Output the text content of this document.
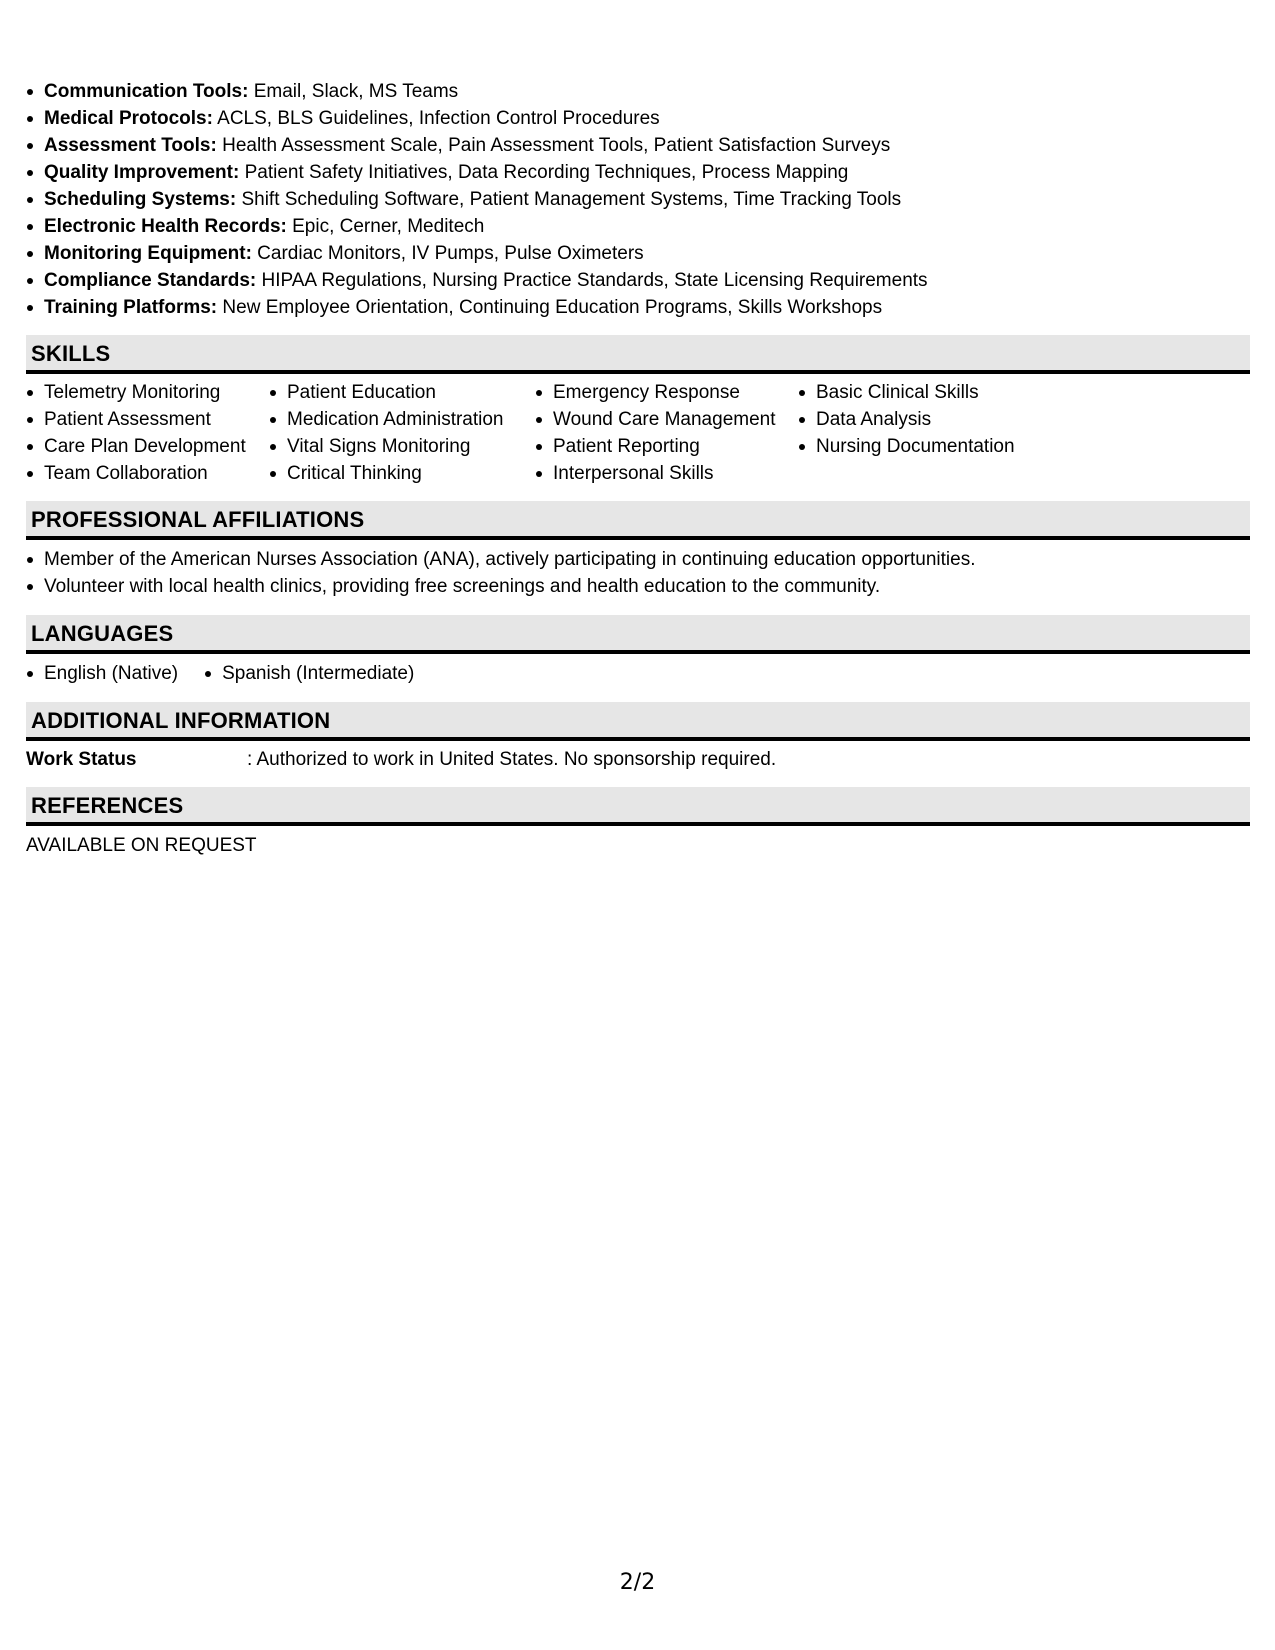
Communication Tools: Email, Slack, MS Teams
Medical Protocols: ACLS, BLS Guidelines, Infection Control Procedures
Assessment Tools: Health Assessment Scale, Pain Assessment Tools, Patient Satisfaction Surveys
Quality Improvement: Patient Safety Initiatives, Data Recording Techniques, Process Mapping
Scheduling Systems: Shift Scheduling Software, Patient Management Systems, Time Tracking Tools
Electronic Health Records: Epic, Cerner, Meditech
Monitoring Equipment: Cardiac Monitors, IV Pumps, Pulse Oximeters
Compliance Standards: HIPAA Regulations, Nursing Practice Standards, State Licensing Requirements
Training Platforms: New Employee Orientation, Continuing Education Programs, Skills Workshops
SKILLS
Telemetry Monitoring
Patient Assessment
Care Plan Development
Team Collaboration
Patient Education
Medication Administration
Vital Signs Monitoring
Critical Thinking
Emergency Response
Wound Care Management
Patient Reporting
Interpersonal Skills
Basic Clinical Skills
Data Analysis
Nursing Documentation
PROFESSIONAL AFFILIATIONS
Member of the American Nurses Association (ANA), actively participating in continuing education opportunities.
Volunteer with local health clinics, providing free screenings and health education to the community.
LANGUAGES
English (Native) Spanish (Intermediate)
ADDITIONAL INFORMATION
Work Status	: Authorized to work in United States. No sponsorship required.
REFERENCES
AVAILABLE ON REQUEST
2/2
